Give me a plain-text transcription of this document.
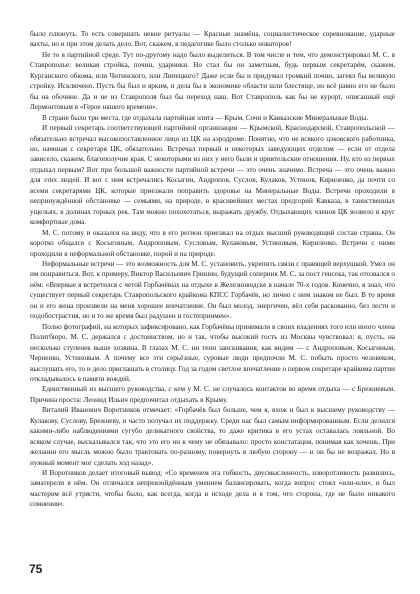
было плюнуть. То есть совершать некие ритуалы — Красные знамёна, социалистическое соревнование, ударные вахты, но и при этом делать дело. Вот, скажем, в педагогике было столько новаторов!

Не то в партийной среде. Тут по-другому надо было выделиться. В том числе и тем, что демонстрировал М. С. в Ставрополье: великая стройка, почин, ударники. Но стал бы он заметным, будь первым секретарём, скажем, Курганского обкома, или Читинского, или Липецкого? Даже если бы и придумал громкий почин, затеял бы великую стройку. Исключено. Пусть бы был и ярким, и дела бы в экономике области шли блестяще, но всё равно его не было бы на обочине. Да и не из Ставрополя был бы переход наш. Вот Ставрополь как бы не курорт, описанный ещё Лермонтовым в «Герое нашего времени».

В стране было три места, где отдыхала партийная элита — Крым, Сочи и Кавказские Минеральные Воды.

И первый секретарь соответствующей партийной организации — Крымской, Краснодарской, Ставропольской — обязательно встречал высокопоставленное лицо из ЦК на аэродроме. Понятно, что не всякого цэковского работника, но, начиная с секретаря ЦК, обязательно. Встречал первый и некоторых заведующих отделом — если от отдела зависело, скажем, благополучие края. С некоторыми из них у него были и приятельские отношения. Ну, кто из первых отдыхал первым? Вот при большой важности партийной встречи — это очень значимо. Встреча — это очень важно для этих людей. И вот с ним встречались Косыгин, Андропов, Суслов, Кулаков, Устинов, Кириленко, да почти со всеми секретарями ЦК, которые приезжали поправить здоровье на Минеральные Воды. Встречи проходили в непринуждённой обстановке — семьями, на природе, в красивейших местах предгорий Кавказа, в таинственных ущельях, в долинах горных рек. Там можно похохотаться, выражать дружбу. Отдыхающих членов ЦК возвело в круг комфортные дома.

М. С. потому и оказался на виду, что в его регион приезжал на отдых высший руководящий состав страны. Он коротко общался с Косыгиным, Андроповым, Сусловым, Кулаковым, Устиновым, Кириленко. Встречи с ними проходили в неформальной обстановке, порой и на природе.

Неформальные встречи — это возможность для М. С. установить, укрепить связи с правящей верхушкой. Умел он им понравиться. Вот, к примеру, Виктор Васильевич Гришин, будущий соперник М. С. за пост генсека, так отозвался о нём: «Впервые я встретился с четой Горбачёвых на отдыхе в Железноводске в начале 70-х годов. Конечно, я знал, что существует первый секретарь Ставропольского крайкома КПСС Горбачёв, но лично с ним знаком не был. В то время он и его жена произвели на меня хорошее впечатление. Он был молод, энергичен, вёл себя раскованно, без лести и подобострастия, но и то же время был радушен и гостеприимен».

Полно фотографий, на которых зафиксировано, как Горбачёвы принимали в своих владениях того или иного члена Политбюро. М. С. держался с достоинством, но и так, чтобы высокий гость из Москвы чувствовал: я, пусть, на несколько ступенек выше хозяина. В глазах М. С. ни тени заискивания, как видим — с Андроповым, Косыгиным, Черненко, Устиновым. А почему все эти серьёзные, суровые люди предпочли М. С. побыть просто человеком, выслушать его, то и дело приглашать в столицу. Год за годом светлое впечатление о первом секретаре крайкома партии откладывалось в памяти вождей.

Единственный из высшего руководства, с кем у М. С. не случалось контактов во время отдыха — с Брежневым. Причина проста: Леонид Ильич предпочитал отдыхать в Крыму.

Виталий Иванович Воротников отмечает: «Горбачёв был больше, чем я, вхож и был к высшему руководству — Кулакову, Суслову, Брежневу, и часто получал их поддержку. Среди нас был самым информированным. Если делился какими-либо наблюдениями сугубо деликатного свойства, то даже критика в его устах оставалась лояльной. Во всяком случае, высказывался так, что это его ни к чему не обязывало: просто констатация, понимая как хочешь. При желании его мысль можно было трактовать по-разному, повернуть в любую сторону — и он бы не возражал. Но в нужный момент мог сделать ход назад».

И Воротников делает итоговый вывод: «Со временем эта гибкость, двусмысленность, изворотливость развились, заматерели в нём. Он отличался непревзойдённым умением балансировать, когда вопрос стоял «или-или», и был мастером всё утрясти, чтобы было, как всегда, когда в исходе дела и в том, что сторона, где не было никакого сомнения».

75
